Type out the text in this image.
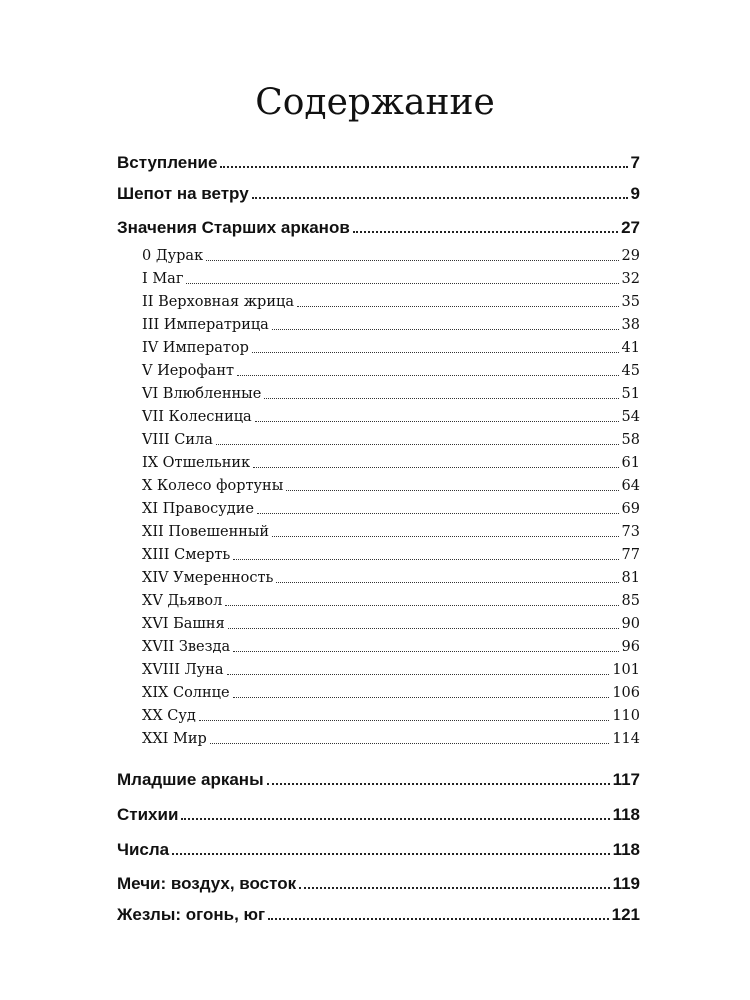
Содержание
Вступление	7
Шепот на ветру	9
Значения Старших арканов	27
0 Дурак	29
I Маг	32
II Верховная жрица	35
III Императрица	38
IV Император	41
V Иерофант	45
VI Влюбленные	51
VII Колесница	54
VIII Сила	58
IX Отшельник	61
X Колесо фортуны	64
XI Правосудие	69
XII Повешенный	73
XIII Смерть	77
XIV Умеренность	81
XV Дьявол	85
XVI Башня	90
XVII Звезда	96
XVIII Луна	101
XIX Солнце	106
XX Суд	110
XXI Мир	114
Младшие арканы	117
Стихии	118
Числа	118
Мечи: воздух, восток	119
Жезлы: огонь, юг	121
